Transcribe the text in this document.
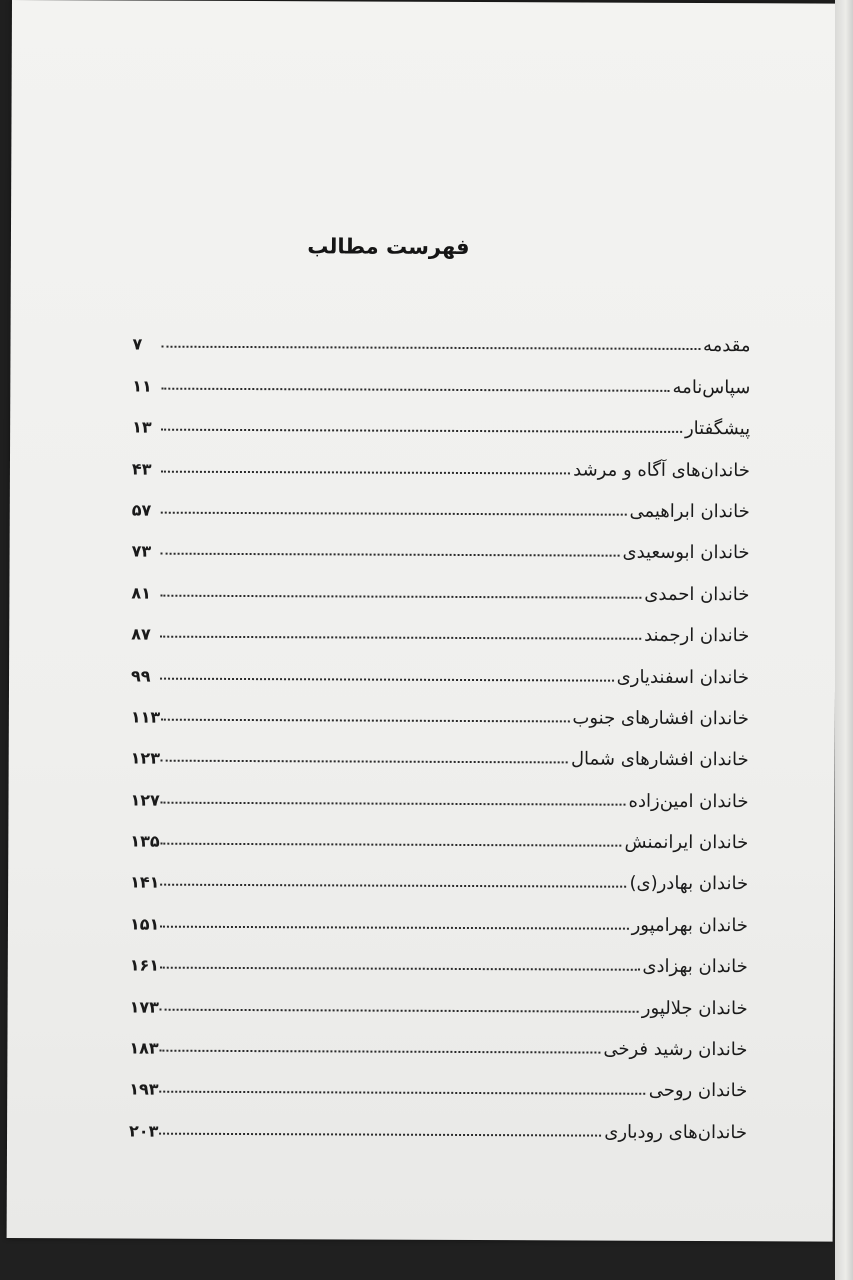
فهرست مطالب
مقدمه
۷
سپاس‌نامه
۱۱
پیشگفتار
۱۳
خاندان‌های آگاه و مرشد
۴۳
خاندان ابراهیمی
۵۷
خاندان ابوسعیدی
۷۳
خاندان احمدی
۸۱
خاندان ارجمند
۸۷
خاندان اسفندیاری
۹۹
خاندان افشارهای جنوب
۱۱۳
خاندان افشارهای شمال
۱۲۳
خاندان امین‌زاده
۱۲۷
خاندان ایرانمنش
۱۳۵
خاندان بهادر(ی)
۱۴۱
خاندان بهرامپور
۱۵۱
خاندان بهزادی
۱۶۱
خاندان جلالپور
۱۷۳
خاندان رشید فرخی
۱۸۳
خاندان روحی
۱۹۳
خاندان‌های رودباری
۲۰۳
